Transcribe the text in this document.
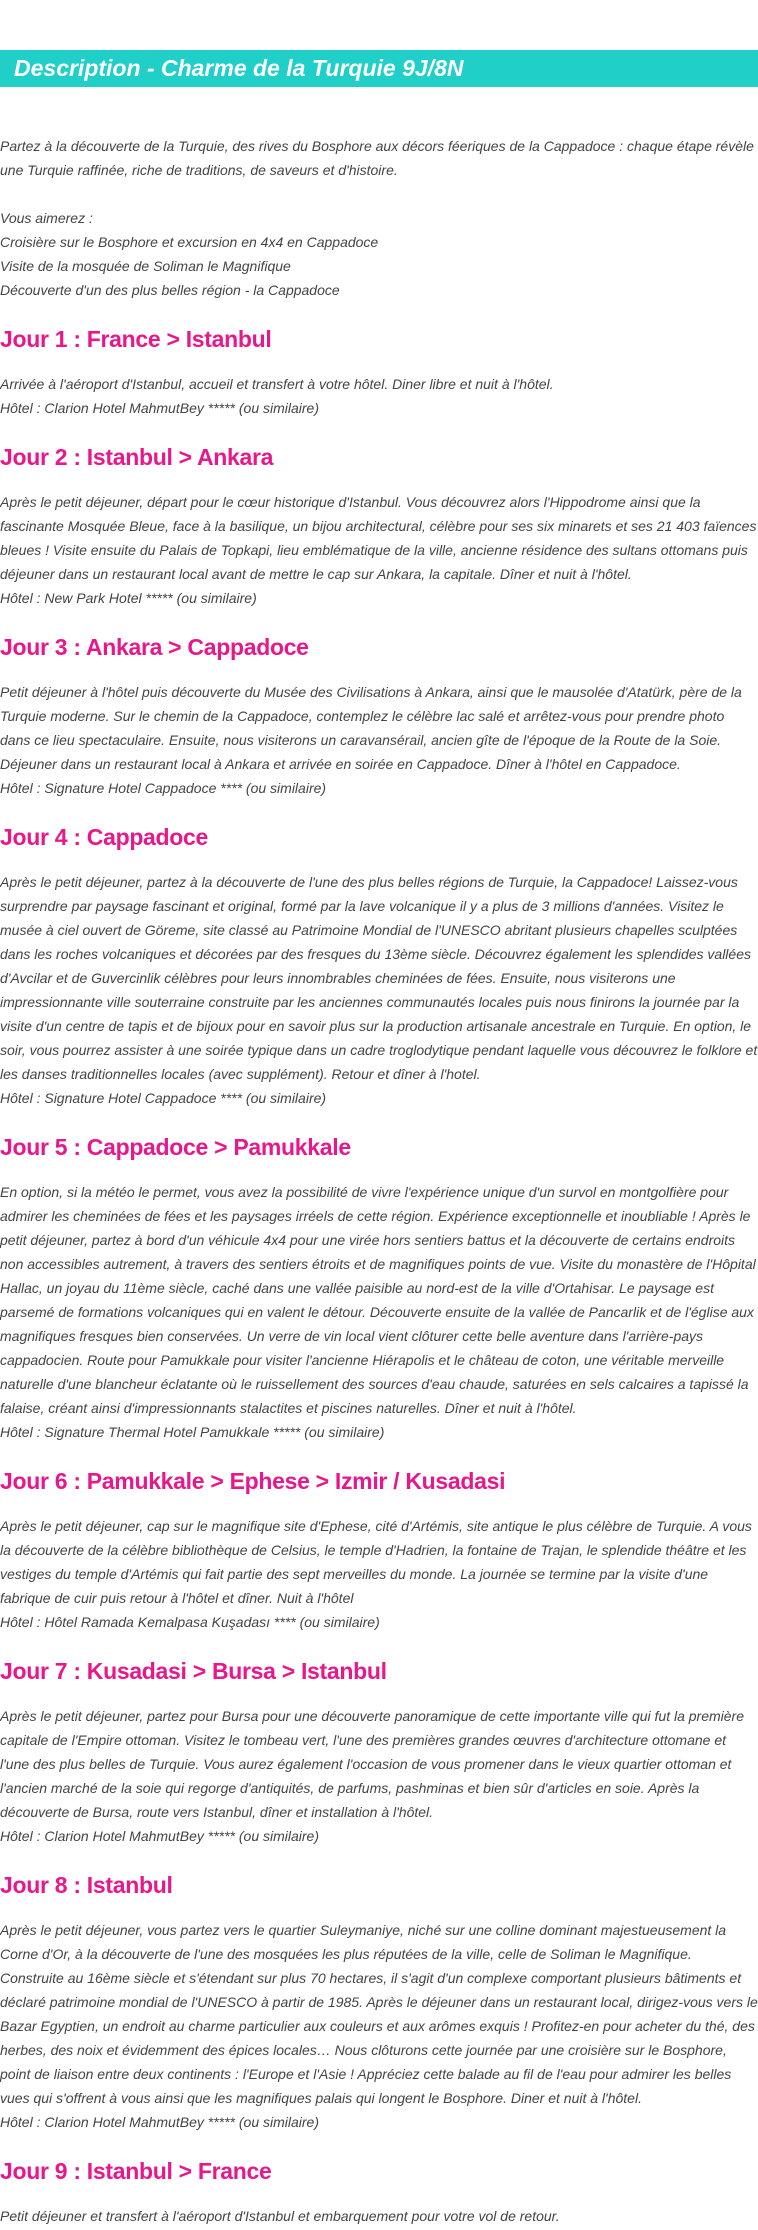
Description - Charme de la Turquie 9J/8N

Partez à la découverte de la Turquie, des rives du Bosphore aux décors féeriques de la Cappadoce : chaque étape révèle une Turquie raffinée, riche de traditions, de saveurs et d'histoire.

Vous aimerez :

Croisière sur le Bosphore et excursion en 4x4 en Cappadoce

Visite de la mosquée de Soliman le Magnifique

Découverte d'un des plus belles région - la Cappadoce

Jour 1 : France > Istanbul

Arrivée à l'aéroport d'Istanbul, accueil et transfert à votre hôtel. Diner libre et nuit à l'hôtel.

Hôtel : Clarion Hotel MahmutBey ***** (ou similaire)

Jour 2 : Istanbul > Ankara

Après le petit déjeuner, départ pour le cœur historique d'Istanbul. Vous découvrez alors l'Hippodrome ainsi que la fascinante Mosquée Bleue, face à la basilique, un bijou architectural, célèbre pour ses six minarets et ses 21 403 faïences bleues ! Visite ensuite du Palais de Topkapi, lieu emblématique de la ville, ancienne résidence des sultans ottomans puis déjeuner dans un restaurant local avant de mettre le cap sur Ankara, la capitale. Dîner et nuit à l'hôtel.

Hôtel : New Park Hotel ***** (ou similaire)

Jour 3 : Ankara > Cappadoce

Petit déjeuner à l'hôtel puis découverte du Musée des Civilisations à Ankara, ainsi que le mausolée d'Atatürk, père de la Turquie moderne. Sur le chemin de la Cappadoce, contemplez le célèbre lac salé et arrêtez-vous pour prendre photo dans ce lieu spectaculaire. Ensuite, nous visiterons un caravansérail, ancien gîte de l'époque de la Route de la Soie. Déjeuner dans un restaurant local à Ankara et arrivée en soirée en Cappadoce. Dîner à l'hôtel en Cappadoce.

Hôtel : Signature Hotel Cappadoce **** (ou similaire)

Jour 4 : Cappadoce

Après le petit déjeuner, partez à la découverte de l'une des plus belles régions de Turquie, la Cappadoce! Laissez-vous surprendre par paysage fascinant et original, formé par la lave volcanique il y a plus de 3 millions d'années. Visitez le musée à ciel ouvert de Göreme, site classé au Patrimoine Mondial de l'UNESCO abritant plusieurs chapelles sculptées dans les roches volcaniques et décorées par des fresques du 13ème siècle. Découvrez également les splendides vallées d'Avcilar et de Guvercinlik célèbres pour leurs innombrables cheminées de fées. Ensuite, nous visiterons une impressionnante ville souterraine construite par les anciennes communautés locales puis nous finirons la journée par la visite d'un centre de tapis et de bijoux pour en savoir plus sur la production artisanale ancestrale en Turquie. En option, le soir, vous pourrez assister à une soirée typique dans un cadre troglodytique pendant laquelle vous découvrez le folklore et les danses traditionnelles locales (avec supplément). Retour et dîner à l'hotel.

Hôtel : Signature Hotel Cappadoce **** (ou similaire)

Jour 5 : Cappadoce > Pamukkale

En option, si la météo le permet, vous avez la possibilité de vivre l'expérience unique d'un survol en montgolfière pour admirer les cheminées de fées et les paysages irréels de cette région. Expérience exceptionnelle et inoubliable ! Après le petit déjeuner, partez à bord d'un véhicule 4x4 pour une virée hors sentiers battus et la découverte de certains endroits non accessibles autrement, à travers des sentiers étroits et de magnifiques points de vue. Visite du monastère de l'Hôpital Hallac, un joyau du 11ème siècle, caché dans une vallée paisible au nord-est de la ville d'Ortahisar. Le paysage est parsemé de formations volcaniques qui en valent le détour. Découverte ensuite de la vallée de Pancarlik et de l'église aux magnifiques fresques bien conservées. Un verre de vin local vient clôturer cette belle aventure dans l'arrière-pays cappadocien. Route pour Pamukkale pour visiter l'ancienne Hiérapolis et le château de coton, une véritable merveille naturelle d'une blancheur éclatante où le ruissellement des sources d'eau chaude, saturées en sels calcaires a tapissé la falaise, créant ainsi d'impressionnants stalactites et piscines naturelles. Dîner et nuit à l'hôtel.

Hôtel : Signature Thermal Hotel Pamukkale ***** (ou similaire)

Jour 6 : Pamukkale > Ephese > Izmir / Kusadasi

Après le petit déjeuner, cap sur le magnifique site d'Ephese, cité d'Artémis, site antique le plus célèbre de Turquie. A vous la découverte de la célèbre bibliothèque de Celsius, le temple d'Hadrien, la fontaine de Trajan, le splendide théâtre et les vestiges du temple d'Artémis qui fait partie des sept merveilles du monde. La journée se termine par la visite d'une fabrique de cuir puis retour à l'hôtel et dîner. Nuit à l'hôtel

Hôtel : Hôtel Ramada Kemalpasa Kuşadası **** (ou similaire)

Jour 7 : Kusadasi > Bursa > Istanbul

Après le petit déjeuner, partez pour Bursa pour une découverte panoramique de cette importante ville qui fut la première capitale de l'Empire ottoman. Visitez le tombeau vert, l'une des premières grandes œuvres d'architecture ottomane et l'une des plus belles de Turquie. Vous aurez également l'occasion de vous promener dans le vieux quartier ottoman et l'ancien marché de la soie qui regorge d'antiquités, de parfums, pashminas et bien sûr d'articles en soie. Après la découverte de Bursa, route vers Istanbul, dîner et installation à l'hôtel.

Hôtel : Clarion Hotel MahmutBey ***** (ou similaire)

Jour 8 : Istanbul

Après le petit déjeuner, vous partez vers le quartier Suleymaniye, niché sur une colline dominant majestueusement la Corne d'Or, à la découverte de l'une des mosquées les plus réputées de la ville, celle de Soliman le Magnifique. Construite au 16ème siècle et s'étendant sur plus 70 hectares, il s'agit d'un complexe comportant plusieurs bâtiments et déclaré patrimoine mondial de l'UNESCO à partir de 1985. Après le déjeuner dans un restaurant local, dirigez-vous vers le Bazar Egyptien, un endroit au charme particulier aux couleurs et aux arômes exquis ! Profitez-en pour acheter du thé, des herbes, des noix et évidemment des épices locales… Nous clôturons cette journée par une croisière sur le Bosphore, point de liaison entre deux continents : l'Europe et l'Asie ! Appréciez cette balade au fil de l'eau pour admirer les belles vues qui s'offrent à vous ainsi que les magnifiques palais qui longent le Bosphore. Diner et nuit à l'hôtel.

Hôtel : Clarion Hotel MahmutBey ***** (ou similaire)

Jour 9 : Istanbul > France

Petit déjeuner et transfert à l'aéroport d'Istanbul et embarquement pour votre vol de retour.
